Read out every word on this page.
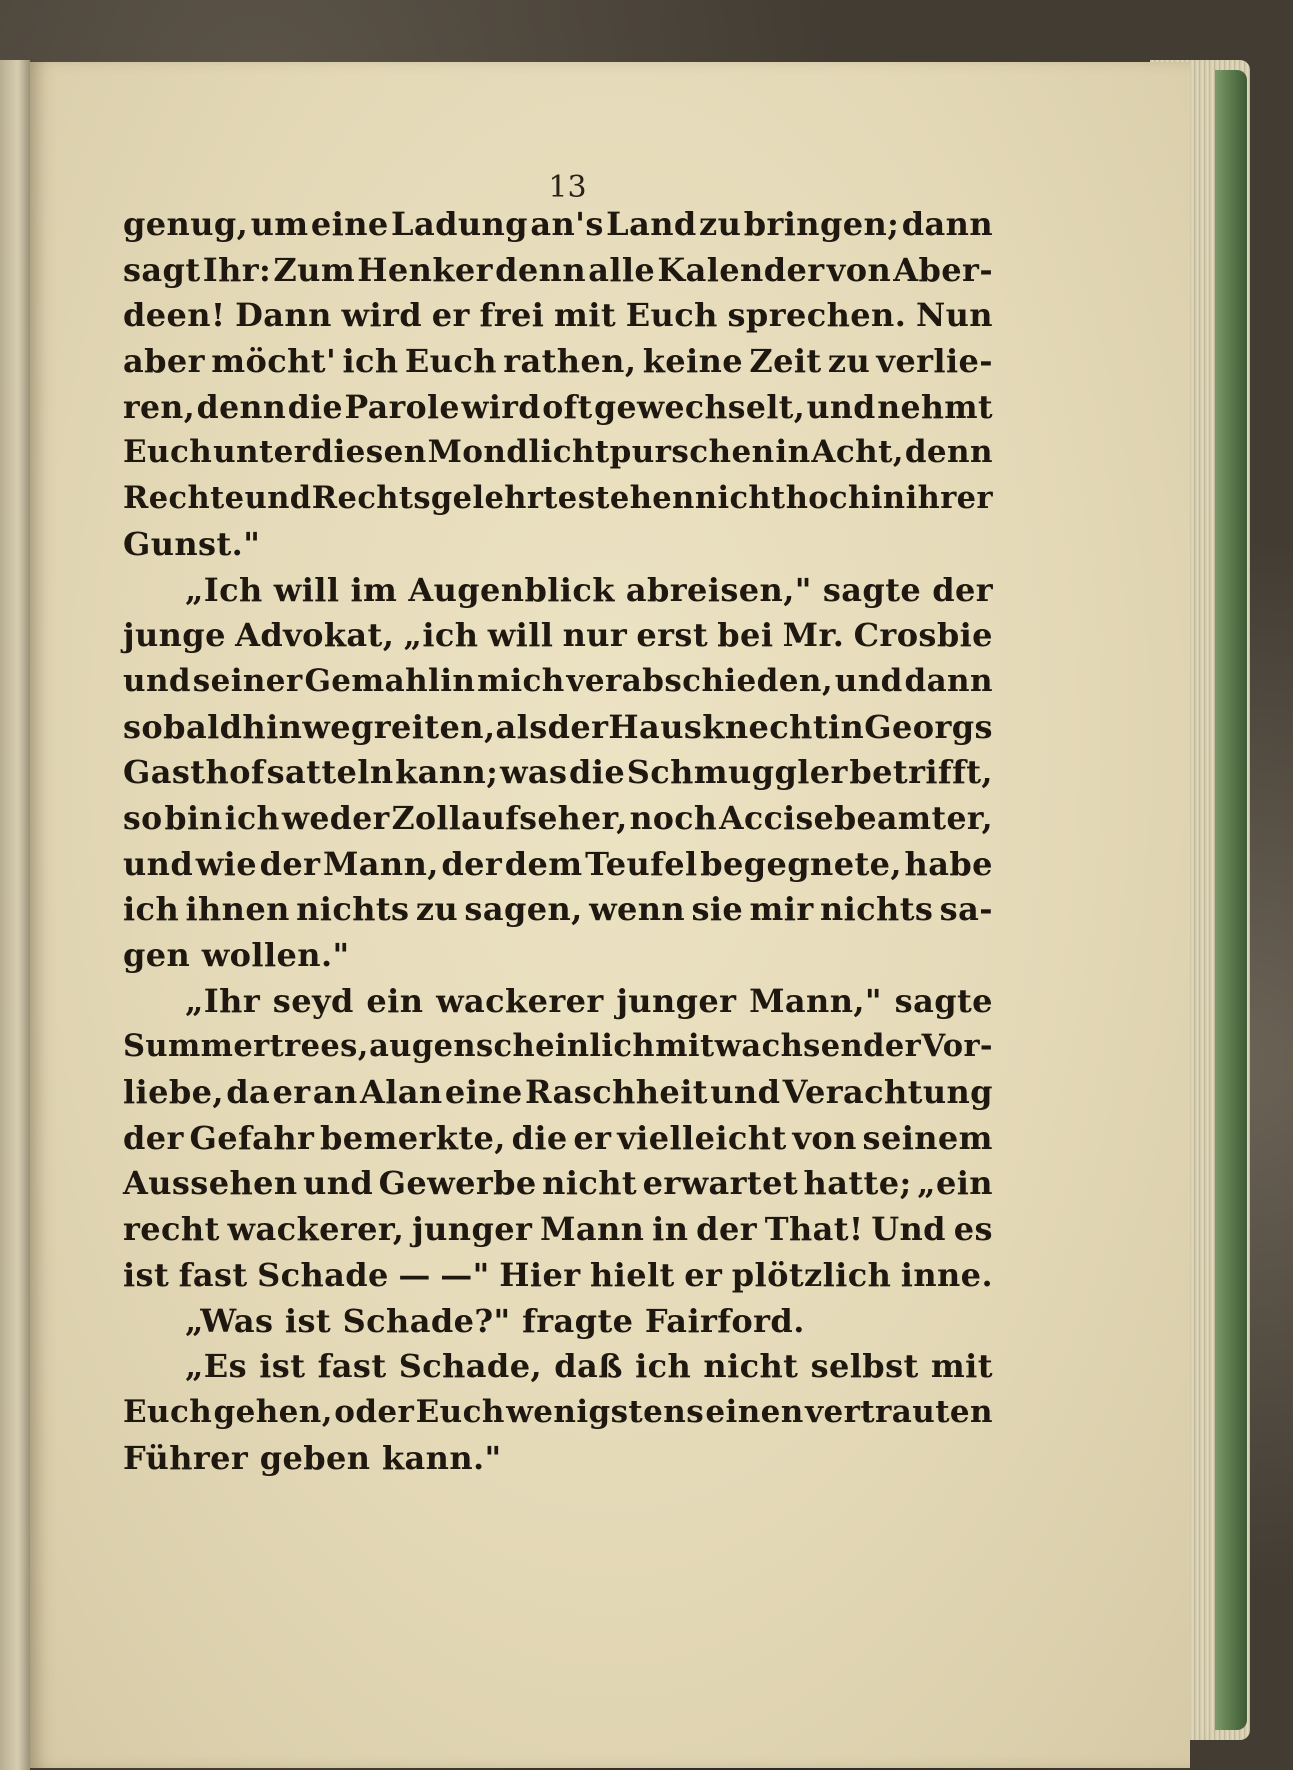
13
genug, um eine Ladung an's Land zu bringen; dann
sagt Ihr: Zum Henker denn alle Kalender von Aber-
deen! Dann wird er frei mit Euch sprechen. Nun
aber möcht' ich Euch rathen, keine Zeit zu verlie-
ren, denn die Parole wird oft gewechselt, und nehmt
Euch unter diesen Mondlichtpurschen in Acht, denn
Rechte und Rechtsgelehrte stehen nicht hoch in ihrer
Gunst."
„Ich will im Augenblick abreisen," sagte der
junge Advokat, „ich will nur erst bei Mr. Crosbie
und seiner Gemahlin mich verabschieden, und dann
so bald hinwegreiten, als der Hausknecht in Georgs
Gasthof satteln kann; was die Schmuggler betrifft,
so bin ich weder Zollaufseher, noch Accisebeamter,
und wie der Mann, der dem Teufel begegnete, habe
ich ihnen nichts zu sagen, wenn sie mir nichts sa-
gen wollen."
„Ihr seyd ein wackerer junger Mann," sagte
Summertrees, augenscheinlich mit wachsender Vor-
liebe, da er an Alan eine Raschheit und Verachtung
der Gefahr bemerkte, die er vielleicht von seinem
Aussehen und Gewerbe nicht erwartet hatte; „ein
recht wackerer, junger Mann in der That! Und es
ist fast Schade — —" Hier hielt er plötzlich inne.
„Was ist Schade?" fragte Fairford.
„Es ist fast Schade, daß ich nicht selbst mit
Euch gehen, oder Euch wenigstens einen vertrauten
Führer geben kann."
